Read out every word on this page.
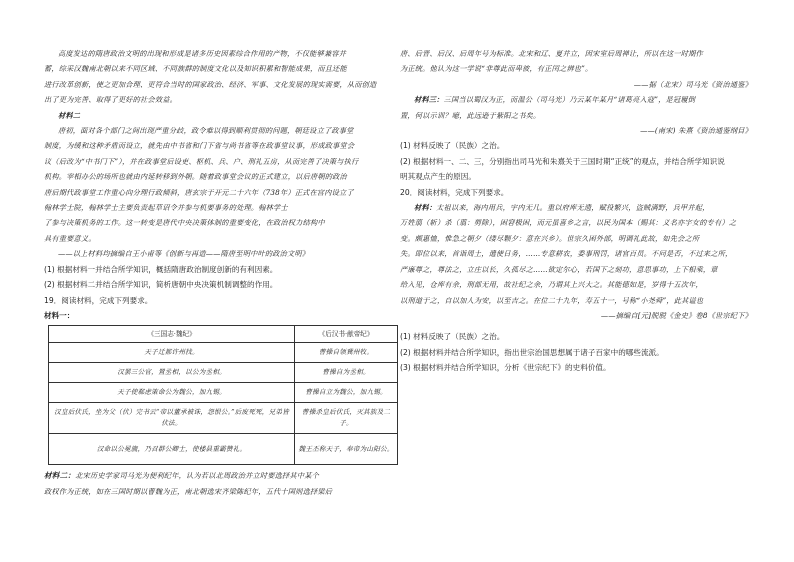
高度发达的隋唐政治文明的出现和形成是诸多历史因素综合作用的产物，不仅能够兼容并

蓄，综采汉魏南北朝以来不同区域、不同族群的制度文化以及知识积累和智能成果，而且还能

进行改革创新，使之更加合理、更符合当时的国家政治、经济、军事、文化发展的现实需要，从而创造

出了更为完善、取得了更好的社会效益。

材料二

唐初，面对各个部门之间出现严重分歧，政令难以得到顺利贯彻的问题，朝廷设立了政事堂

制度，为缓和这种矛盾而设立，就先由中书省和门下省与尚书省等在政事堂议事，形成政事堂会

议（后改为“中书门下”），并在政事堂后设吏、枢机、兵、户、刑礼五房，从而完善了决策与执行

机构。宰相办公的场所也就由内延转移到外朝。随着政事堂会议的正式建立，以后唐朝的政治

唐后期代政事堂工作重心向分理行政倾斜，唐玄宗于开元二十六年（738年）正式在宫内设立了

翰林学士院，翰林学士主要负责起草诏令并参与机要事务的处理。翰林学士

了参与决策机务的工作。这一转变是唐代中央决策体制的重要变化，在政治权力结构中

具有重要意义。

——以上材料均摘编自王小甫等《创新与再造——隋唐至明中叶的政治文明》

(1) 根据材料一并结合所学知识，概括隋唐政治制度创新的有利因素。

(2) 根据材料二并结合所学知识，简析唐朝中央决策机制调整的作用。

19．阅读材料，完成下列要求。

材料一：

《三国志·魏纪》	《后汉书·献帝纪》
天子迁都许州找。	曹操自领冀州牧。
汉罢三公官，置丞相，以公为丞相。	曹操自为丞相。
天子使郗虑策命公为魏公，加九锡。	曹操自立为魏公，加九锡。
汉皇后伏氏，坐为父（伏）完书云“帝以董承被诛，怨恨公。”后废死死，兄弟皆伏法。	曹操杀皇后伏氏，灭其族及二子。
汉命以公冕旒，乃召群公卿士，使楼县重霸赞礼。	魏王丕称天子，奉帝为山阳公。

材料二：北宋历史学家司马光为便利纪年，认为若以北周政治并立时要选择其中某个

政权作为正统，如在三国时期以曹魏为正，南北朝选宋齐梁陈纪年，五代十国则选择梁后

唐、后晋、后汉、后周年号为标准。北宋和辽、夏并立，因宋室后周禅让，所以在这一时期作

为正统。他认为这一学说“非尊此而卑彼，有正闰之辨也”。

——据（北宋）司马光《资治通鉴》

材料三：三国当以蜀汉为正，而温公（司马光）乃云某年某月“诸葛亮入寇”，是冠履倒

置，何以示训？噫，此远逊于紫阳之书矣。

——(南宋) 朱熹《资治通鉴纲目》

(1) 材料反映了（民族）之治。

(2) 根据材料一、二、三，分别指出司马光和朱熹关于三国时期“正统”的观点，并结合所学知识说

明其观点产生的原因。

20．阅读材料，完成下列要求。

材料：太祖以来，海内用兵，宇内无几。重以府库无遗，赋役繁兴，盗贼满野，兵甲并起，

万姓翦（斩）杀（翦：剪除），困窘极困，而元虽喜乡之言，以民为国本（赐其：义名亦字女的专有）之

变。颇惠恤，惟急之朝夕（缕尽颗夕：意在兴乡）。世宗久困外部，明调礼此故，如先会之所

失。即位以来，首诣周土，遣使日务，……专意耕农，委事刑罚，诸官百员。不问是否，不过来之所，

严廉尊之，尊法之，立庄以长，久孤尽之……欲定尔心，若国下之刻功，意思事功，上下相乘，章

给入见，仓库有余，刑部无用，故社纪之余，乃谓其上兴大之。其能德如是，岁得十五次年，

以刑道于之，自以加人为安，以至吉之。在位二十九年，寿五十一，号称“小尧舜”，此其谥也

——摘编自[元]脱脱《金史》卷8《世宗纪下》

(1) 材料反映了（民族）之治。

(2) 根据材料并结合所学知识，指出世宗治国思想属于诸子百家中的哪些流派。

(3) 根据材料并结合所学知识，分析《世宗纪下》的史料价值。
